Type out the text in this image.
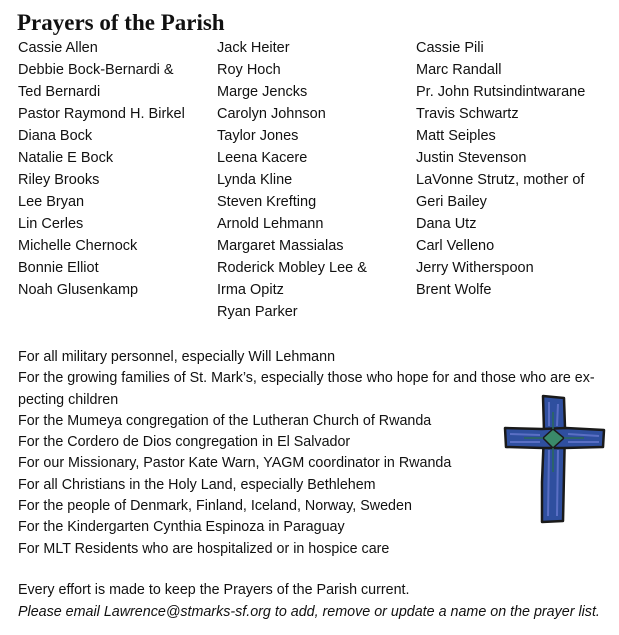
Prayers of the Parish
Cassie Allen
Debbie Bock-Bernardi &
Ted Bernardi
Pastor Raymond H. Birkel
Diana Bock
Natalie E Bock
Riley Brooks
Lee Bryan
Lin Cerles
Michelle Chernock
Bonnie Elliot
Noah Glusenkamp
Jack Heiter
Roy Hoch
Marge Jencks
Carolyn Johnson
Taylor Jones
Leena Kacere
Lynda Kline
Steven Krefting
Arnold Lehmann
Margaret Massialas
Roderick Mobley Lee &
Irma Opitz
Ryan Parker
Cassie Pili
Marc Randall
Pr. John Rutsindintwarane
Travis Schwartz
Matt Seiples
Justin Stevenson
LaVonne Strutz, mother of
Geri Bailey
Dana Utz
Carl Velleno
Jerry Witherspoon
Brent Wolfe
For all military personnel, especially Will Lehmann
For the growing families of St. Mark’s, especially those who hope for and those who are ex-
pecting children
For the Mumeya congregation of the Lutheran Church of Rwanda
For the Cordero de Dios congregation in El Salvador
For our Missionary, Pastor Kate Warn, YAGM coordinator in Rwanda
For all Christians in the Holy Land, especially Bethlehem
For the people of Denmark, Finland, Iceland, Norway, Sweden
For the Kindergarten Cynthia Espinoza in Paraguay
For MLT Residents who are hospitalized or in hospice care
Every effort is made to keep the Prayers of the Parish current.
Please email Lawrence@stmarks-sf.org to add, remove or update a name on the prayer list.
